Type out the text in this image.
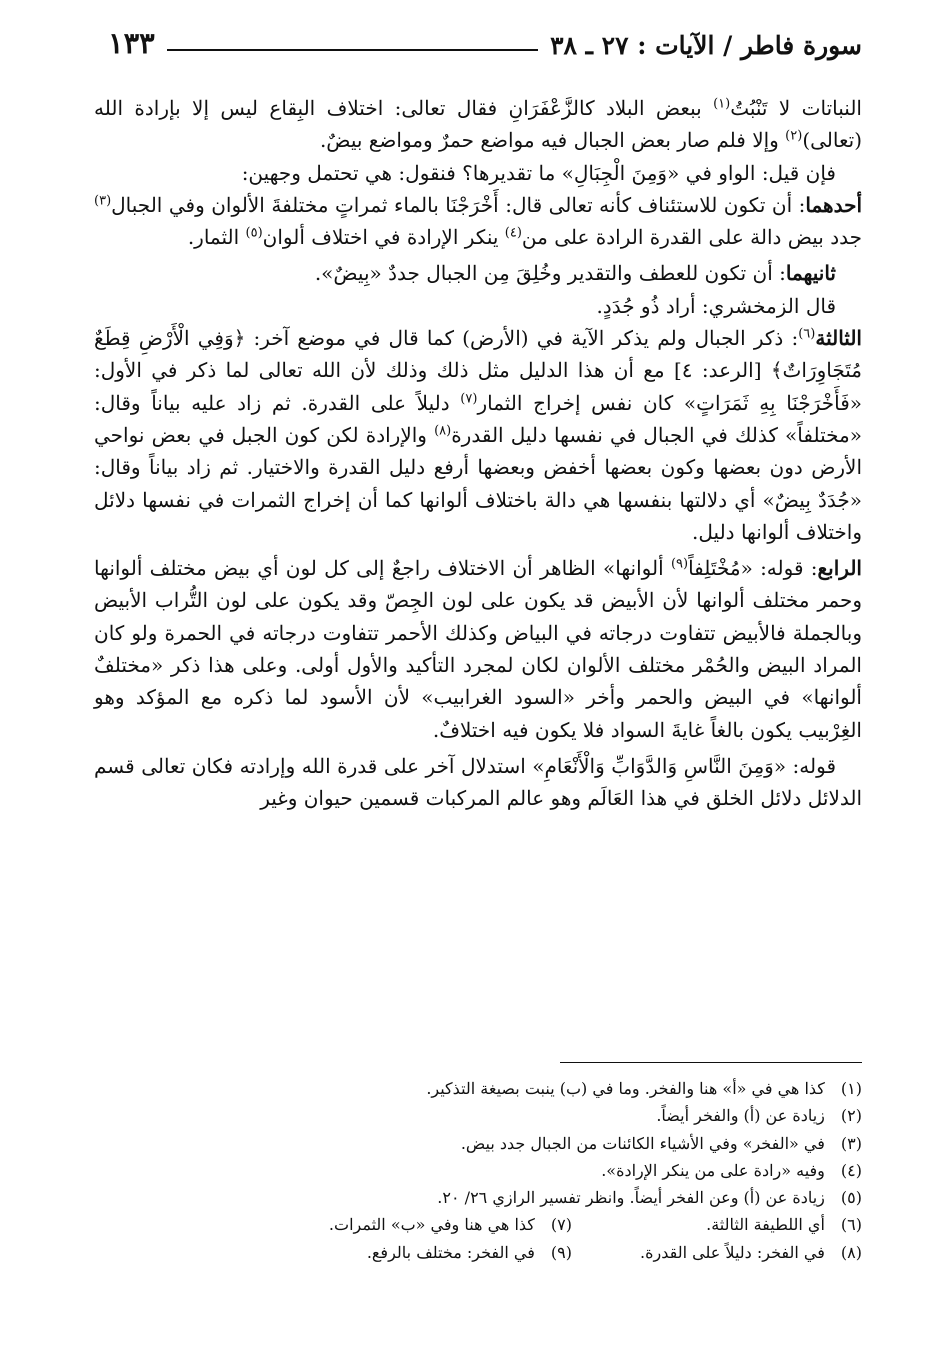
سورة فاطر / الآيات : ٢٧ ـ ٣٨
١٣٣

النباتات لا تَنْبُتُ$^{(١)}$ ببعض البلاد كالزَّعْفَرَانِ فقال تعالى: اختلاف البِقاع ليس إلا بإرادة الله (تعالى)$^{(٢)}$ وإلا فلم صار بعض الجبال فيه مواضع حمرٌ ومواضع بيضٌ.

فإن قيل: الواو في «وَمِنَ الْجِبَالِ» ما تقديرها؟ فنقول: هي تحتمل وجهين:

أحدهما: أن تكون للاستئناف كأنه تعالى قال: أَخْرَجْنَا بالماء ثمراتٍ مختلفةَ الألوان وفي الجبال$^{(٣)}$ جدد بيض دالة على القدرة الرادة على من$^{(٤)}$ ينكر الإرادة في اختلاف ألوان$^{(٥)}$ الثمار.

ثانيهما: أن تكون للعطف والتقدير وخُلِقَ مِن الجبال جددٌ «بِيضٌ».

قال الزمخشري: أراد ذُو جُدَدٍ.

الثالثة$^{(٦)}$: ذكر الجبال ولم يذكر الآية في (الأرض) كما قال في موضع آخر: ﴿وَفِي الْأَرْضِ قِطَعٌ مُتَجَاوِرَاتٌ﴾ [الرعد: ٤] مع أن هذا الدليل مثل ذلك وذلك لأن الله تعالى لما ذكر في الأول: «فَأَخْرَجْنَا بِهِ ثَمَرَاتٍ» كان نفس إخراج الثمار$^{(٧)}$ دليلاً على القدرة. ثم زاد عليه بياناً وقال: «مختلفاً» كذلك في الجبال في نفسها دليل القدرة$^{(٨)}$ والإرادة لكن كون الجبل في بعض نواحي الأرض دون بعضها وكون بعضها أخفض وبعضها أرفع دليل القدرة والاختيار. ثم زاد بياناً وقال: «جُدَدٌ بِيضٌ» أي دلالتها بنفسها هي دالة باختلاف ألوانها كما أن إخراج الثمرات في نفسها دلائل واختلاف ألوانها دليل.

الرابع: قوله: «مُخْتَلِفاً$^{(٩)}$ ألوانها» الظاهر أن الاختلاف راجعٌ إلى كل لون أي بيض مختلف ألوانها وحمر مختلف ألوانها لأن الأبيض قد يكون على لون الجِصّ وقد يكون على لون التُّراب الأبيض وبالجملة فالأبيض تتفاوت درجاته في البياض وكذلك الأحمر تتفاوت درجاته في الحمرة ولو كان المراد البيض والحُمْر مختلف الألوان لكان لمجرد التأكيد والأول أولى. وعلى هذا ذكر «مختلفٌ ألوانها» في البيض والحمر وأخر «السود الغرابيب» لأن الأسود لما ذكره مع المؤكد وهو الغِرْبيب يكون بالغاً غايةَ السواد فلا يكون فيه اختلافٌ.

قوله: «وَمِنَ النَّاسِ وَالدَّوَابِّ وَالْأَنْعَامِ» استدلال آخر على قدرة الله وإرادته فكان تعالى قسم الدلائل دلائل الخلق في هذا العَالَم وهو عالم المركبات قسمين حيوان وغير

(١) كذا هي في «أ» هنا والفخر. وما في (ب) ينبت بصيغة التذكير.
(٢) زيادة عن (أ) والفخر أيضاً.
(٣) في «الفخر» وفي الأشياء الكائنات من الجبال جدد بيض.
(٤) وفيه «رادة على من ينكر الإرادة».
(٥) زيادة عن (أ) وعن الفخر أيضاً. وانظر تفسير الرازي ٢٦/ ٢٠.
(٦) أي اللطيفة الثالثة.
(٧) كذا هي هنا وفي «ب» الثمرات.
(٨) في الفخر: دليلاً على القدرة.
(٩) في الفخر: مختلف بالرفع.
